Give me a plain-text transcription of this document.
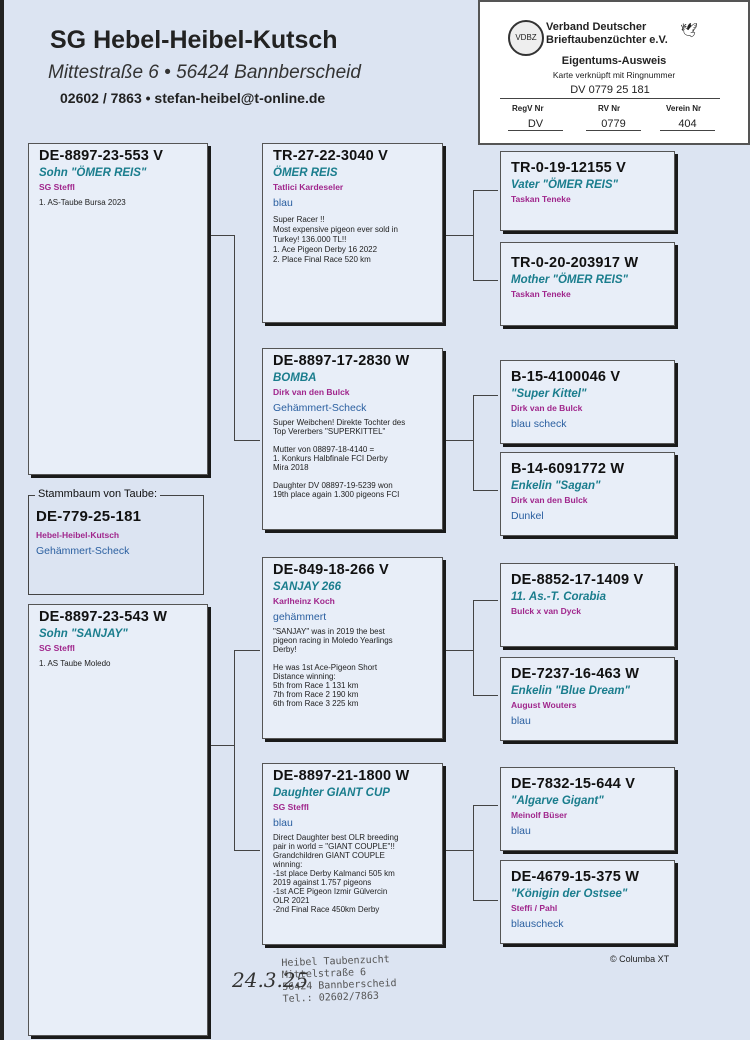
SG Hebel-Heibel-Kutsch
Mittestraße 6 • 56424 Bannberscheid
02602 / 7863 • stefan-heibel@t-online.de
VDBZ
Verband Deutscher
Brieftaubenzüchter e.V.
🕊
Eigentums-Ausweis
Karte verknüpft mit Ringnummer
DV 0779 25 181
RegV Nr	RV Nr	Verein Nr
DV	0779	404
DE-8897-23-553 V
Sohn "ÖMER REIS"
SG Steffl
1. AS-Taube Bursa 2023
Stammbaum von Taube:
DE-779-25-181
Hebel-Heibel-Kutsch
Gehämmert-Scheck
DE-8897-23-543 W
Sohn "SANJAY"
SG Steffl
1. AS Taube Moledo
TR-27-22-3040 V
ÖMER REIS
Tatlici Kardeseler
blau
Super Racer !!
Most expensive pigeon ever sold in
Turkey! 136.000 TL!!
1. Ace Pigeon Derby 16 2022
2. Place Final Race 520 km
DE-8897-17-2830 W
BOMBA
Dirk van den Bulck
Gehämmert-Scheck
Super Weibchen! Direkte Tochter des
Top Vererbers "SUPERKITTEL"

Mutter von 08897-18-4140 =
1. Konkurs Halbfinale FCI Derby
Mira 2018

Daughter DV 08897-19-5239 won
19th place again 1.300 pigeons FCI
DE-849-18-266 V
SANJAY 266
Karlheinz Koch
gehämmert
"SANJAY" was in 2019 the best
pigeon racing in Moledo Yearlings
Derby!

He was 1st Ace-Pigeon Short
Distance winning:
5th from Race 1 131 km
7th from Race 2 190 km
6th from Race 3 225 km
DE-8897-21-1800 W
Daughter GIANT CUP
SG Steffl
blau
Direct Daughter best OLR breeding
pair in world = "GIANT COUPLE"!!
Grandchildren GIANT COUPLE
winning:
-1st place Derby Kalmanci 505 km
2019 against 1.757 pigeons
-1st ACE Pigeon Izmir Gülvercin
OLR 2021
-2nd Final Race 450km Derby
TR-0-19-12155 V
Vater "ÖMER REIS"
Taskan Teneke
TR-0-20-203917 W
Mother "ÖMER REIS"
Taskan Teneke
B-15-4100046 V
"Super Kittel"
Dirk van de Bulck
blau scheck
B-14-6091772 W
Enkelin "Sagan"
Dirk van den Bulck
Dunkel
DE-8852-17-1409 V
11. As.-T. Corabia
Bulck x van Dyck
DE-7237-16-463 W
Enkelin "Blue Dream"
August Wouters
blau
DE-7832-15-644 V
"Algarve Gigant"
Meinolf Büser
blau
DE-4679-15-375 W
"Königin der Ostsee"
Steffi / Pahl
blauscheck
© Columba XT
Heibel Taubenzucht
Mittelstraße 6
56424 Bannberscheid
Tel.: 02602/7863
24.3.25
